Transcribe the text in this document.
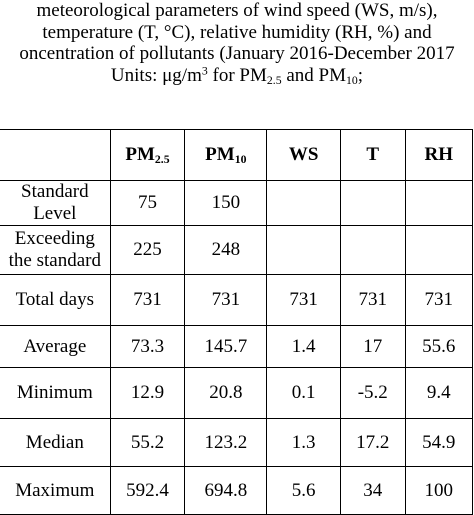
meteorological parameters of wind speed (WS, m/s),
temperature (T, °C), relative humidity (RH, %) and
oncentration of pollutants (January 2016-December 2017
Units: $\mu g/m^3$ for $PM_{2.5}$ and $PM_{10}$;
	$PM_{2.5}$	$PM_{10}$	WS	T	RH

Standard
Level	75	150			

Exceeding
the standard	225	248			

Total days	731	731	731	731	731

Average	73.3	145.7	1.4	17	55.6

Minimum	12.9	20.8	0.1	-5.2	9.4

Median	55.2	123.2	1.3	17.2	54.9

Maximum	592.4	694.8	5.6	34	100
